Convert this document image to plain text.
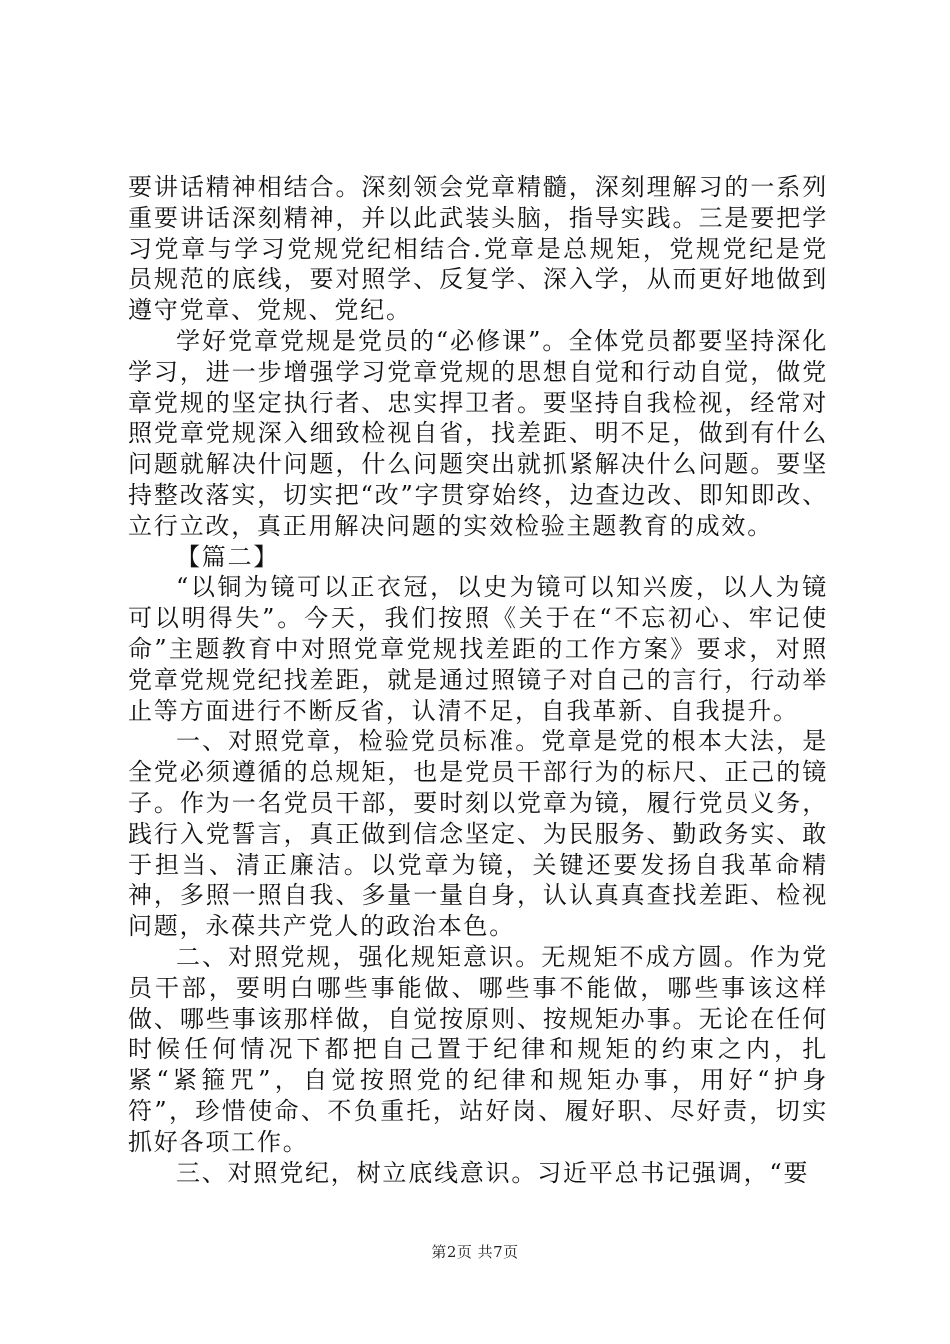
要讲话精神相结合。深刻领会党章精髓，深刻理解习的一系列重要讲话深刻精神，并以此武装头脑，指导实践。三是要把学习党章与学习党规党纪相结合.党章是总规矩，党规党纪是党员规范的底线，要对照学、反复学、深入学，从而更好地做到遵守党章、党规、党纪。

学好党章党规是党员的“必修课”。全体党员都要坚持深化学习，进一步增强学习党章党规的思想自觉和行动自觉，做党章党规的坚定执行者、忠实捍卫者。要坚持自我检视，经常对照党章党规深入细致检视自省，找差距、明不足，做到有什么问题就解决什问题，什么问题突出就抓紧解决什么问题。要坚持整改落实，切实把“改”字贯穿始终，边查边改、即知即改、立行立改，真正用解决问题的实效检验主题教育的成效。

【篇二】

“以铜为镜可以正衣冠，以史为镜可以知兴废，以人为镜可以明得失”。今天，我们按照《关于在“不忘初心、牢记使命”主题教育中对照党章党规找差距的工作方案》要求，对照党章党规党纪找差距，就是通过照镜子对自己的言行，行动举止等方面进行不断反省，认清不足，自我革新、自我提升。

一、对照党章，检验党员标准。党章是党的根本大法，是全党必须遵循的总规矩，也是党员干部行为的标尺、正己的镜子。作为一名党员干部，要时刻以党章为镜，履行党员义务，践行入党誓言，真正做到信念坚定、为民服务、勤政务实、敢于担当、清正廉洁。以党章为镜，关键还要发扬自我革命精神，多照一照自我、多量一量自身，认认真真查找差距、检视问题，永葆共产党人的政治本色。

二、对照党规，强化规矩意识。无规矩不成方圆。作为党员干部，要明白哪些事能做、哪些事不能做，哪些事该这样做、哪些事该那样做，自觉按原则、按规矩办事。无论在任何时候任何情况下都把自己置于纪律和规矩的约束之内，扎紧“紧箍咒”，自觉按照党的纪律和规矩办事，用好“护身符”，珍惜使命、不负重托，站好岗、履好职、尽好责，切实抓好各项工作。

三、对照党纪，树立底线意识。习近平总书记强调，“要

第2页 共7页
